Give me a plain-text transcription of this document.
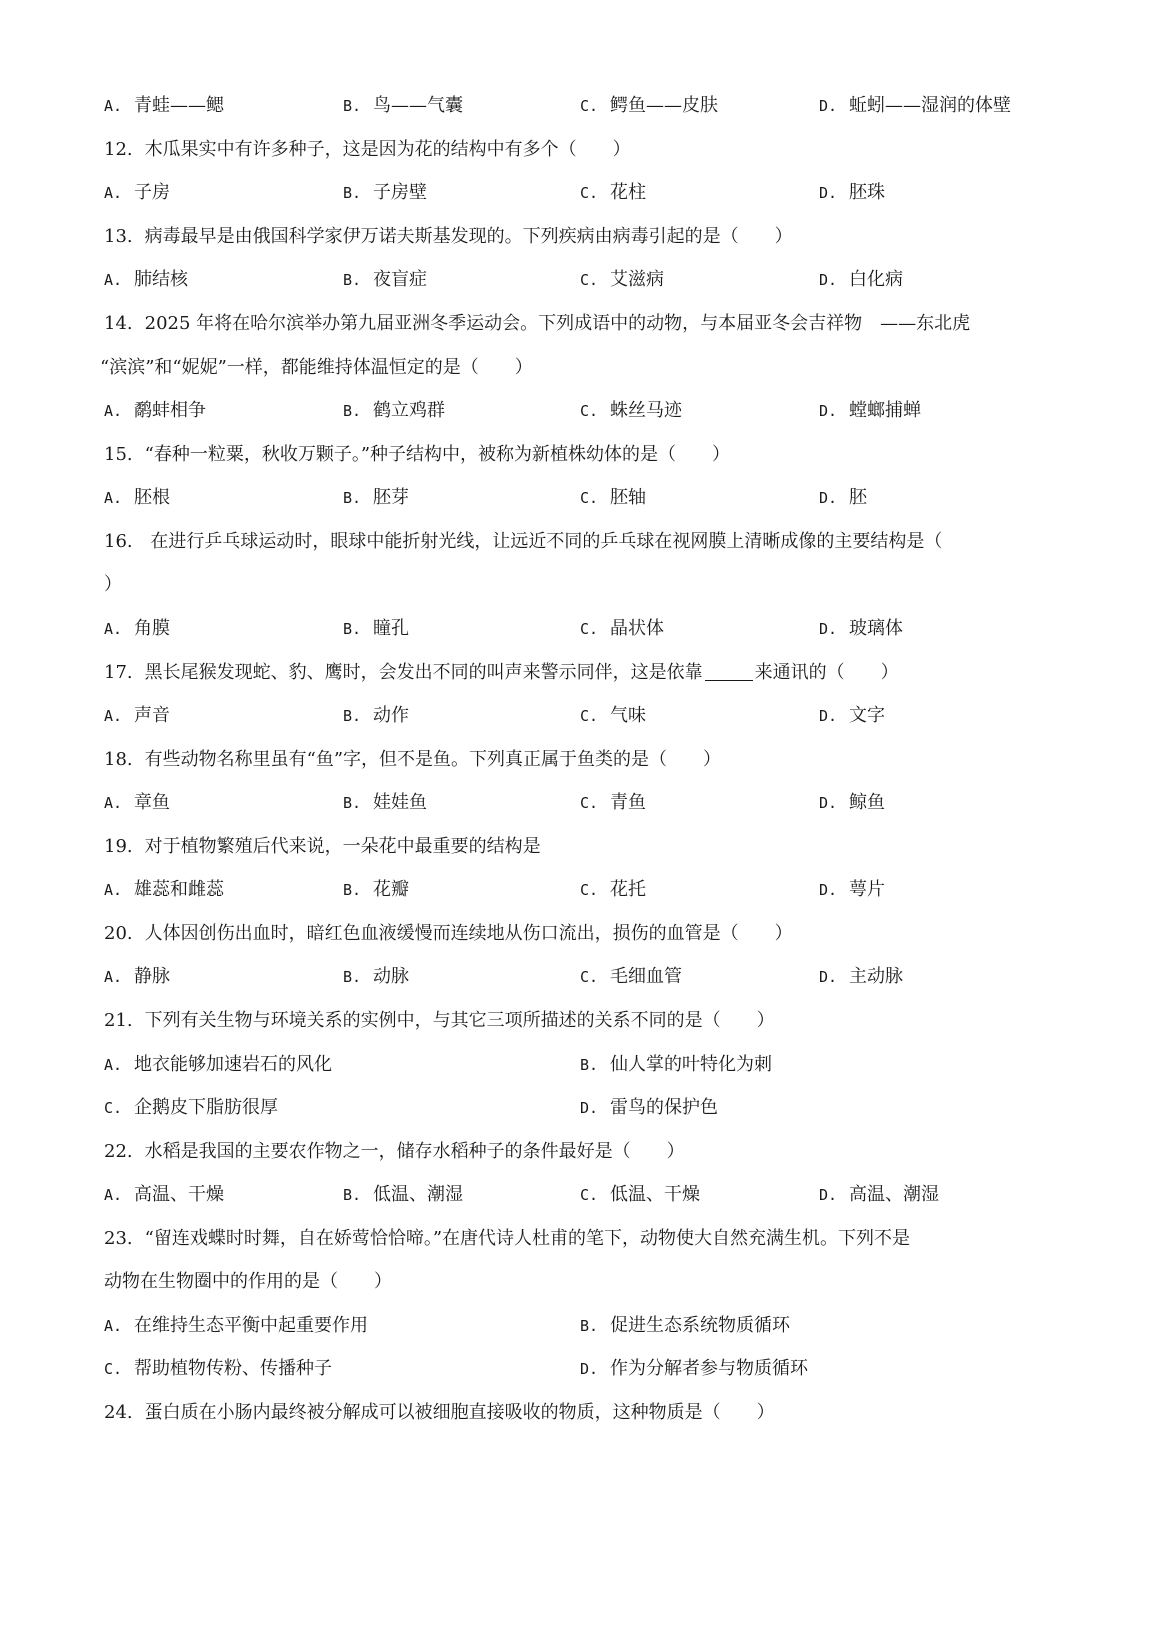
A. 青蛙——鳃	B. 鸟——气囊	C. 鳄鱼——皮肤	D. 蚯蚓——湿润的体壁
12. 木瓜果实中有许多种子，这是因为花的结构中有多个（　　）
A. 子房	B. 子房壁	C. 花柱	D. 胚珠
13. 病毒最早是由俄国科学家伊万诺夫斯基发现的。下列疾病由病毒引起的是（　　）
A. 肺结核	B. 夜盲症	C. 艾滋病	D. 白化病
14. 2025 年将在哈尔滨举办第九届亚洲冬季运动会。下列成语中的动物，与本届亚冬会吉祥物　——东北虎
“滨滨”和“妮妮”一样，都能维持体温恒定的是（　　）
A. 鹬蚌相争	B. 鹤立鸡群	C. 蛛丝马迹	D. 螳螂捕蝉
15. “春种一粒粟，秋收万颗子。”种子结构中，被称为新植株幼体的是（　　）
A. 胚根	B. 胚芽	C. 胚轴	D. 胚
16. 在进行乒乓球运动时，眼球中能折射光线，让远近不同的乒乓球在视网膜上清晰成像的主要结构是（
）
A. 角膜	B. 瞳孔	C. 晶状体	D. 玻璃体
17. 黑长尾猴发现蛇、豹、鹰时，会发出不同的叫声来警示同伴，这是依靠	来通讯的（　　）
A. 声音	B. 动作	C. 气味	D. 文字
18. 有些动物名称里虽有“鱼”字，但不是鱼。下列真正属于鱼类的是（　　）
A. 章鱼	B. 娃娃鱼	C. 青鱼	D. 鲸鱼
19. 对于植物繁殖后代来说，一朵花中最重要的结构是
A. 雄蕊和雌蕊	B. 花瓣	C. 花托	D. 萼片
20. 人体因创伤出血时，暗红色血液缓慢而连续地从伤口流出，损伤的血管是（　　）
A. 静脉	B. 动脉	C. 毛细血管	D. 主动脉
21. 下列有关生物与环境关系的实例中，与其它三项所描述的关系不同的是（　　）
A. 地衣能够加速岩石的风化	B. 仙人掌的叶特化为刺
C. 企鹅皮下脂肪很厚	D. 雷鸟的保护色
22. 水稻是我国的主要农作物之一，储存水稻种子的条件最好是（　　）
A. 高温、干燥	B. 低温、潮湿	C. 低温、干燥	D. 高温、潮湿
23. “留连戏蝶时时舞，自在娇莺恰恰啼。”在唐代诗人杜甫的笔下，动物使大自然充满生机。下列不是
动物在生物圈中的作用的是（　　）
A. 在维持生态平衡中起重要作用	B. 促进生态系统物质循环
C. 帮助植物传粉、传播种子	D. 作为分解者参与物质循环
24. 蛋白质在小肠内最终被分解成可以被细胞直接吸收的物质，这种物质是（　　）
